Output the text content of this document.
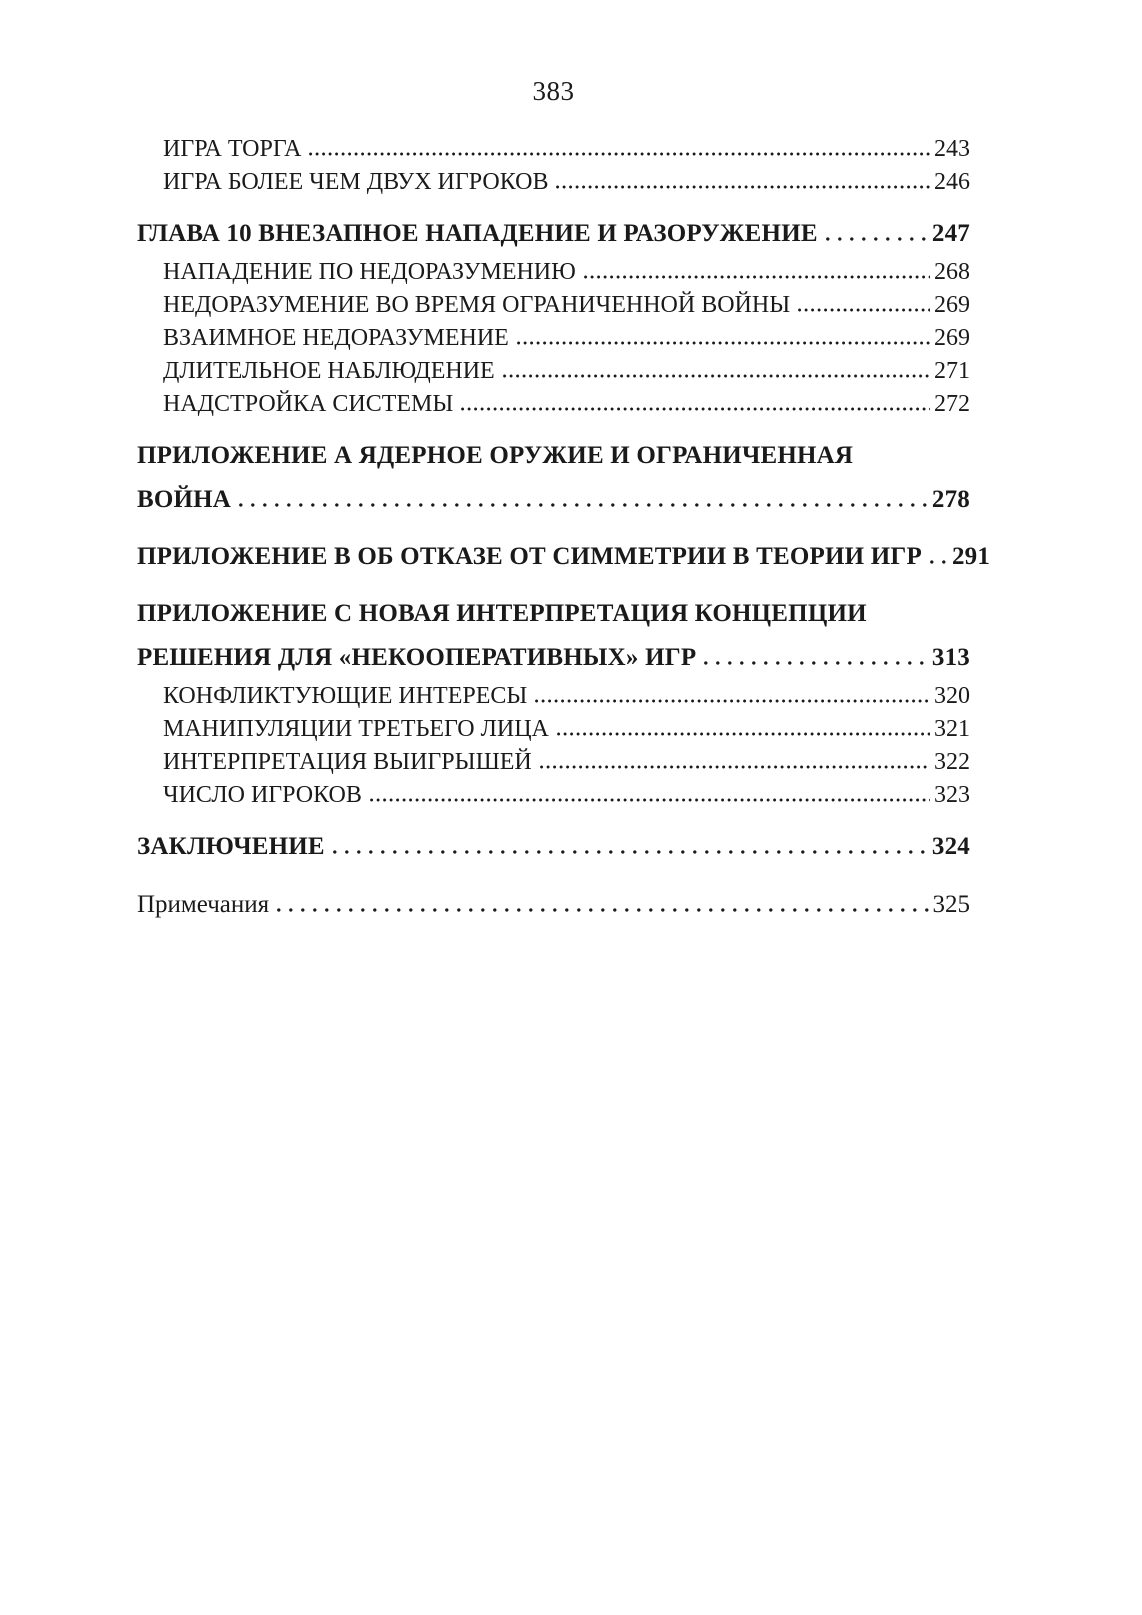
383
ИГРА ТОРГА	243
ИГРА БОЛЕЕ ЧЕМ ДВУХ ИГРОКОВ	246
ГЛАВА 10 ВНЕЗАПНОЕ НАПАДЕНИЕ И РАЗОРУЖЕНИЕ	247
НАПАДЕНИЕ ПО НЕДОРАЗУМЕНИЮ	268
НЕДОРАЗУМЕНИЕ ВО ВРЕМЯ ОГРАНИЧЕННОЙ ВОЙНЫ	269
ВЗАИМНОЕ НЕДОРАЗУМЕНИЕ	269
ДЛИТЕЛЬНОЕ НАБЛЮДЕНИЕ	271
НАДСТРОЙКА СИСТЕМЫ	272
ПРИЛОЖЕНИЕ А ЯДЕРНОЕ ОРУЖИЕ И ОГРАНИЧЕННАЯ
ВОЙНА	278
ПРИЛОЖЕНИЕ В ОБ ОТКАЗЕ ОТ СИММЕТРИИ В ТЕОРИИ ИГР 291
ПРИЛОЖЕНИЕ С НОВАЯ ИНТЕРПРЕТАЦИЯ КОНЦЕПЦИИ
РЕШЕНИЯ ДЛЯ «НЕКООПЕРАТИВНЫХ» ИГР	313
КОНФЛИКТУЮЩИЕ ИНТЕРЕСЫ	320
МАНИПУЛЯЦИИ ТРЕТЬЕГО ЛИЦА	321
ИНТЕРПРЕТАЦИЯ ВЫИГРЫШЕЙ	322
ЧИСЛО ИГРОКОВ	323
ЗАКЛЮЧЕНИЕ	324
Примечания	325
